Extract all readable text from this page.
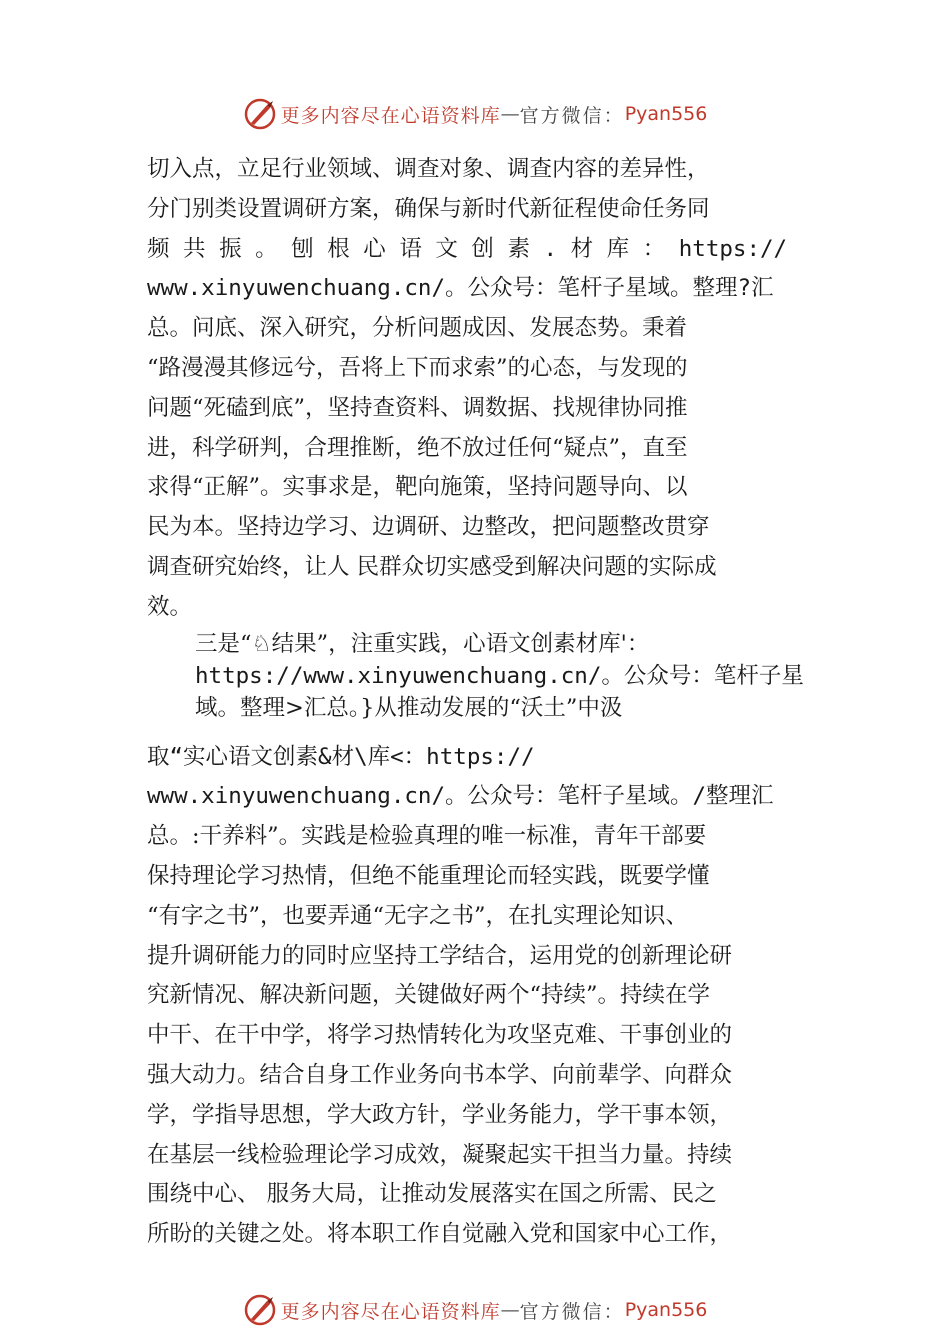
更多内容尽在心语资料库 — 官方微信： Pyan556
切入点，立足行业领域、调查对象、调查内容的差异性，
分门别类设置调研方案，确保与新时代新征程使命任务同
频 共 振 。 刨 根 心 语 文 创 素 . 材 库 ： https://
www.xinyuwenchuang.cn/。公众号：笔杆子星域。整理?汇
总。问底、深入研究，分析问题成因、发展态势。秉着
“路漫漫其修远兮，吾将上下而求索”的心态，与发现的
问题“死磕到底”，坚持查资料、调数据、找规律协同推
进，科学研判，合理推断，绝不放过任何“疑点”，直至
求得“正解”。实事求是，靶向施策，坚持问题导向、以
民为本。坚持边学习、边调研、边整改，把问题整改贯穿
调查研究始终，让人 民群众切实感受到解决问题的实际成
效。
三是“♘结果”，注重实践，心语文创素材库'：
https://www.xinyuwenchuang.cn/。公众号：笔杆子星
域。整理>汇总。}从推动发展的“沃土”中汲
取“实心语文创素&材\库<：https://
www.xinyuwenchuang.cn/。公众号：笔杆子星域。/整理汇
总。:干养料”。实践是检验真理的唯一标准，青年干部要
保持理论学习热情，但绝不能重理论而轻实践，既要学懂
“有字之书”，也要弄通“无字之书”，在扎实理论知识、
提升调研能力的同时应坚持工学结合，运用党的创新理论研
究新情况、解决新问题，关键做好两个“持续”。持续在学
中干、在干中学，将学习热情转化为攻坚克难、干事创业的
强大动力。结合自身工作业务向书本学、向前辈学、向群众
学，学指导思想，学大政方针，学业务能力，学干事本领，
在基层一线检验理论学习成效，凝聚起实干担当力量。持续
围绕中心、 服务大局，让推动发展落实在国之所需、民之
所盼的关键之处。将本职工作自觉融入党和国家中心工作，
更多内容尽在心语资料库 — 官方微信： Pyan556
